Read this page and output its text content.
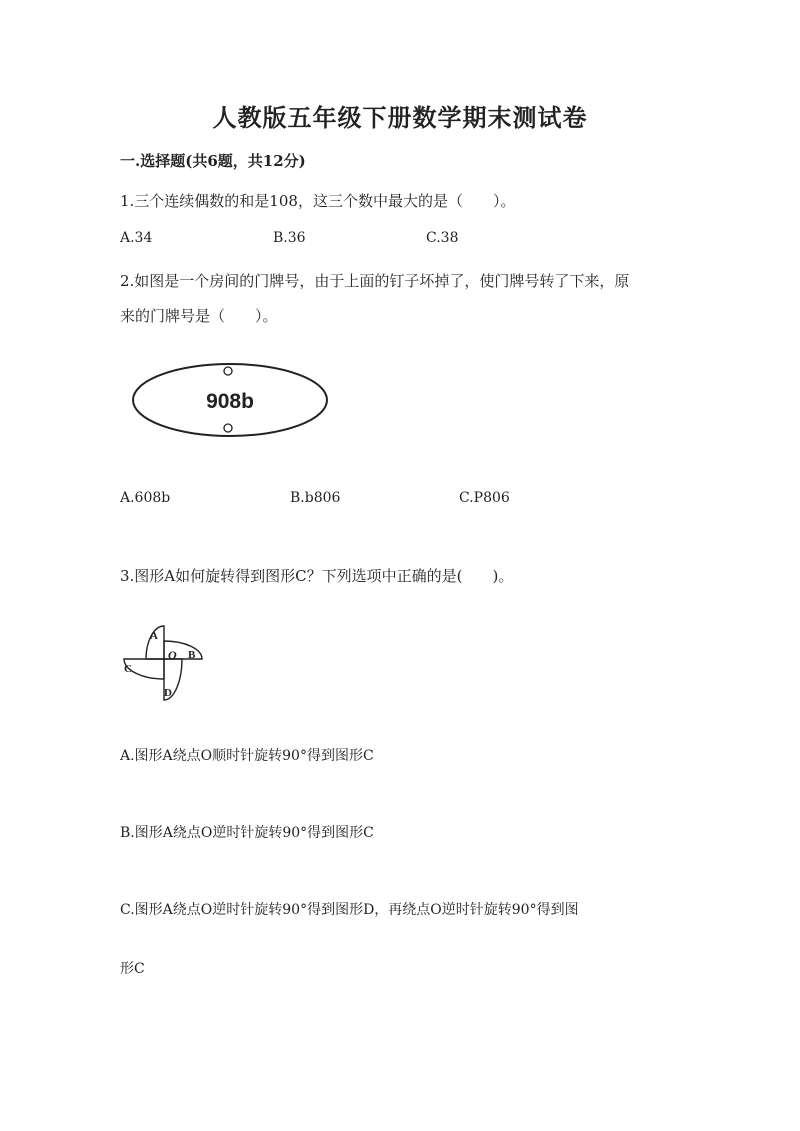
人教版五年级下册数学期末测试卷
一.选择题(共6题，共12分)
1.三个连续偶数的和是108，这三个数中最大的是（　　）。
A.34	B.36	C.38
2.如图是一个房间的门牌号，由于上面的钉子坏掉了，使门牌号转了下来，原
来的门牌号是（　　）。
908b
A.608b	B.b806	C.P806
3.图形A如何旋转得到图形C？下列选项中正确的是(　　)。
A
B
C
D
O
A.图形A绕点O顺时针旋转90°得到图形C
B.图形A绕点O逆时针旋转90°得到图形C
C.图形A绕点O逆时针旋转90°得到图形D，再绕点O逆时针旋转90°得到图
形C
